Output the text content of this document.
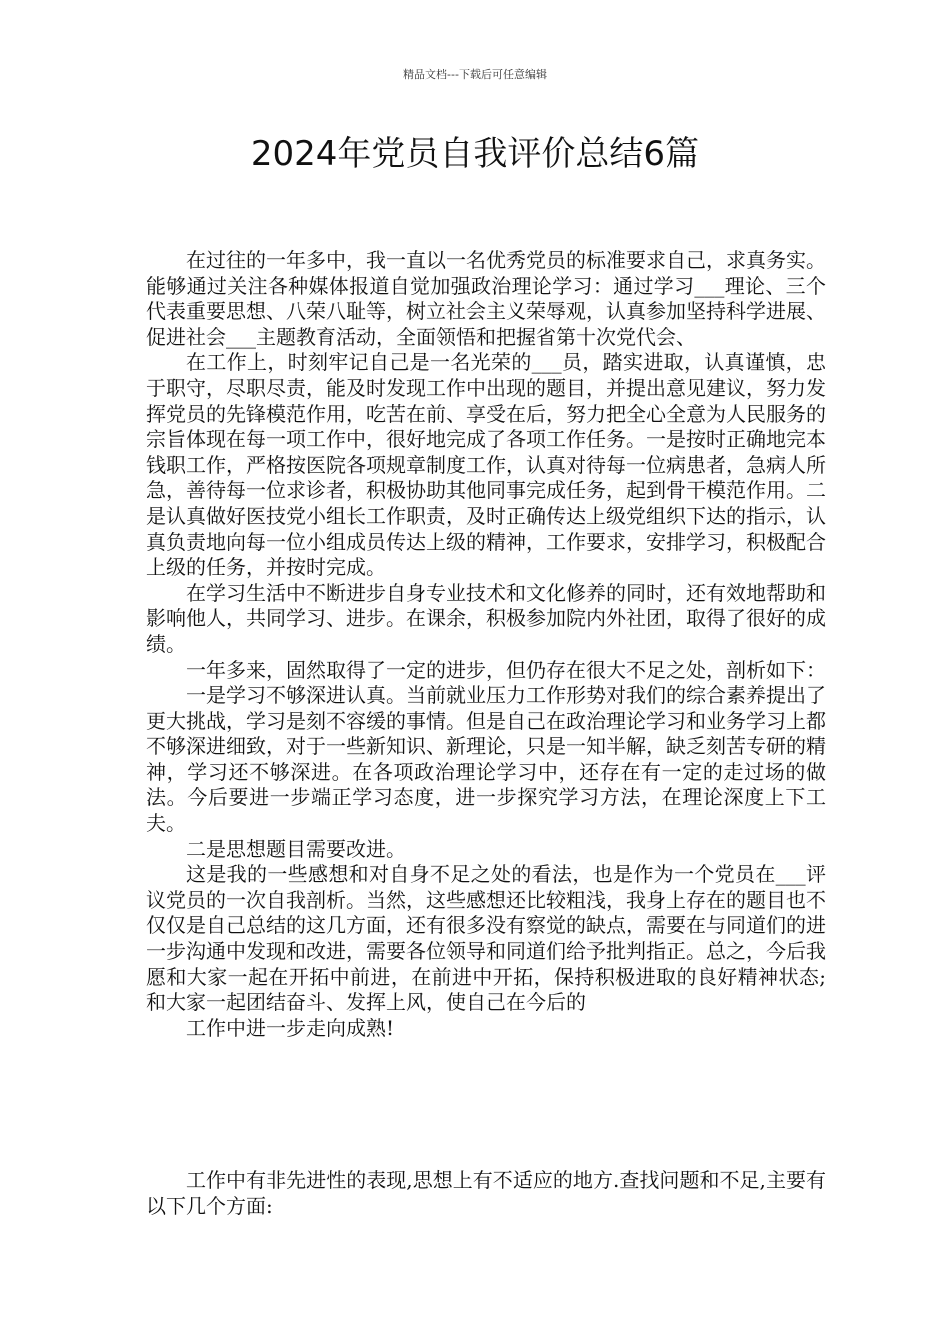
精品文档---下载后可任意编辑
2024年党员自我评价总结6篇

在过往的一年多中，我一直以一名优秀党员的标准要求自己，求真务实。能够通过关注各种媒体报道自觉加强政治理论学习：通过学习___理论、三个代表重要思想、八荣八耻等，树立社会主义荣辱观，认真参加坚持科学进展、促进社会___主题教育活动，全面领悟和把握省第十次党代会、

在工作上，时刻牢记自己是一名光荣的___员，踏实进取，认真谨慎，忠于职守，尽职尽责，能及时发现工作中出现的题目，并提出意见建议，努力发挥党员的先锋模范作用，吃苦在前、享受在后，努力把全心全意为人民服务的宗旨体现在每一项工作中，很好地完成了各项工作任务。一是按时正确地完本钱职工作，严格按医院各项规章制度工作，认真对待每一位病患者，急病人所急，善待每一位求诊者，积极协助其他同事完成任务，起到骨干模范作用。二是认真做好医技党小组长工作职责，及时正确传达上级党组织下达的指示，认真负责地向每一位小组成员传达上级的精神，工作要求，安排学习，积极配合上级的任务，并按时完成。

在学习生活中不断进步自身专业技术和文化修养的同时，还有效地帮助和影响他人，共同学习、进步。在课余，积极参加院内外社团，取得了很好的成绩。

一年多来，固然取得了一定的进步，但仍存在很大不足之处，剖析如下：

一是学习不够深进认真。当前就业压力工作形势对我们的综合素养提出了更大挑战，学习是刻不容缓的事情。但是自己在政治理论学习和业务学习上都不够深进细致，对于一些新知识、新理论，只是一知半解，缺乏刻苦专研的精神，学习还不够深进。在各项政治理论学习中，还存在有一定的走过场的做法。今后要进一步端正学习态度，进一步探究学习方法，在理论深度上下工夫。

二是思想题目需要改进。

这是我的一些感想和对自身不足之处的看法，也是作为一个党员在___评议党员的一次自我剖析。当然，这些感想还比较粗浅，我身上存在的题目也不仅仅是自己总结的这几方面，还有很多没有察觉的缺点，需要在与同道们的进一步沟通中发现和改进，需要各位领导和同道们给予批判指正。总之，今后我愿和大家一起在开拓中前进，在前进中开拓，保持积极进取的良好精神状态;和大家一起团结奋斗、发挥上风，使自己在今后的

工作中进一步走向成熟!

工作中有非先进性的表现,思想上有不适应的地方.查找问题和不足,主要有以下几个方面:
